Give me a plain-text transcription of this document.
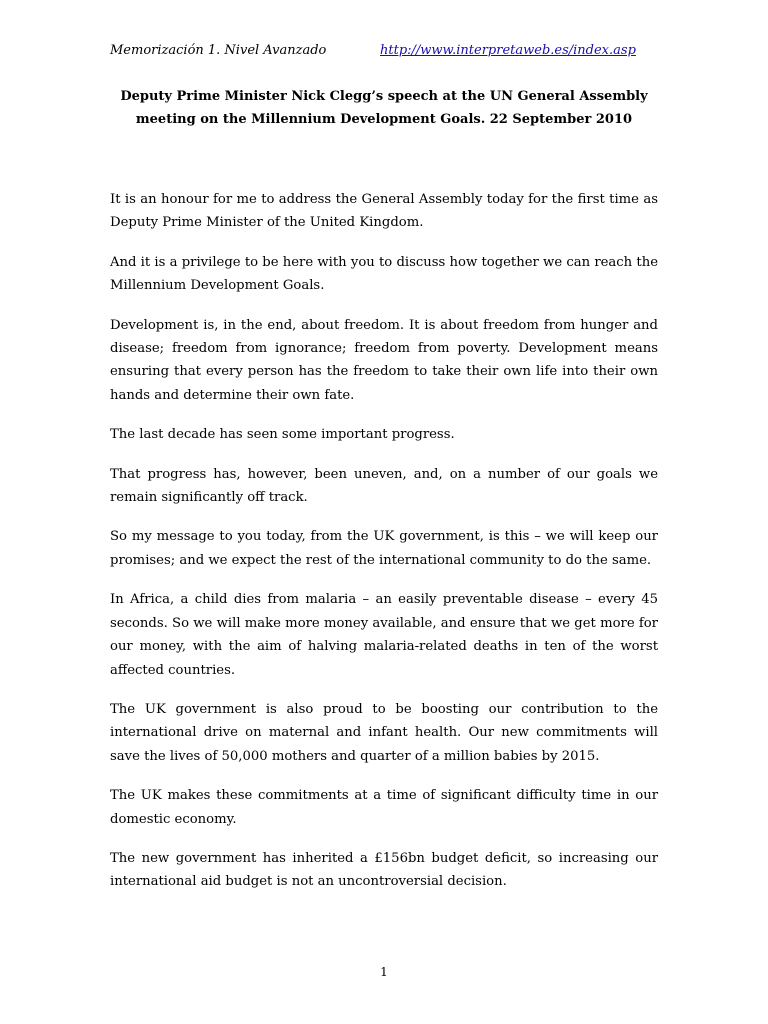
Memorización 1. Nivel Avanzado	http://www.interpretaweb.es/index.asp
Deputy Prime Minister Nick Clegg’s speech at the UN General Assembly
meeting on the Millennium Development Goals. 22 September 2010

It is an honour for me to address the General Assembly today for the first time as Deputy Prime Minister of the United Kingdom.

And it is a privilege to be here with you to discuss how together we can reach the Millennium Development Goals.

Development is, in the end, about freedom. It is about freedom from hunger and disease; freedom from ignorance; freedom from poverty. Development means ensuring that every person has the freedom to take their own life into their own hands and determine their own fate.

The last decade has seen some important progress.

That progress has, however, been uneven, and, on a number of our goals we remain significantly off track.

So my message to you today, from the UK government, is this – we will keep our promises; and we expect the rest of the international community to do the same.

In Africa, a child dies from malaria – an easily preventable disease – every 45 seconds. So we will make more money available, and ensure that we get more for our money, with the aim of halving malaria-related deaths in ten of the worst affected countries.

The UK government is also proud to be boosting our contribution to the international drive on maternal and infant health. Our new commitments will save the lives of 50,000 mothers and quarter of a million babies by 2015.

The UK makes these commitments at a time of significant difficulty time in our domestic economy.

The new government has inherited a £156bn budget deficit, so increasing our international aid budget is not an uncontroversial decision.

1
